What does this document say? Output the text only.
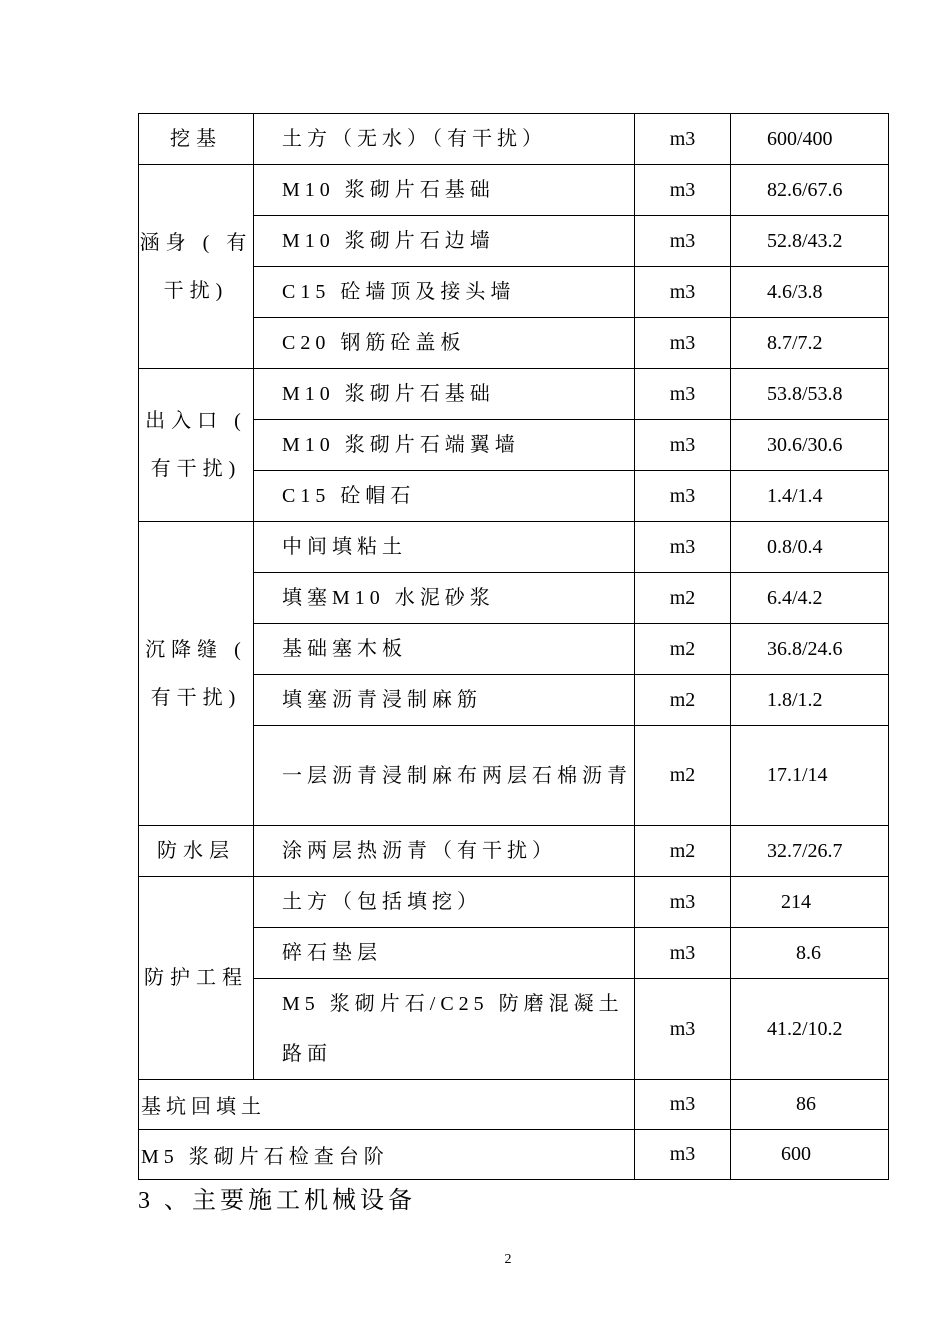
挖基	土方（无水）（有干扰）	m3	600/400
涵身 ( 有干扰)	M10 浆砌片石基础	m3	82.6/67.6
	M10 浆砌片石边墙	m3	52.8/43.2
	C15 砼墙顶及接头墙	m3	4.6/3.8
	C20 钢筋砼盖板	m3	8.7/7.2
出入口 ( 有干扰)	M10 浆砌片石基础	m3	53.8/53.8
	M10 浆砌片石端翼墙	m3	30.6/30.6
	C15 砼帽石	m3	1.4/1.4
沉降缝 ( 有干扰)	中间填粘土	m3	0.8/0.4
	填塞M10 水泥砂浆	m2	6.4/4.2
	基础塞木板	m2	36.8/24.6
	填塞沥青浸制麻筋	m2	1.8/1.2
	一层沥青浸制麻布两层石棉沥青	m2	17.1/14
防水层	涂两层热沥青（有干扰）	m2	32.7/26.7
防护工程	土方（包括填挖）	m3	214
	碎石垫层	m3	8.6
	M5 浆砌片石/C25 防磨混凝土路面	m3	41.2/10.2
基坑回填土		m3	86
M5 浆砌片石检查台阶		m3	600
3 、主要施工机械设备
2
